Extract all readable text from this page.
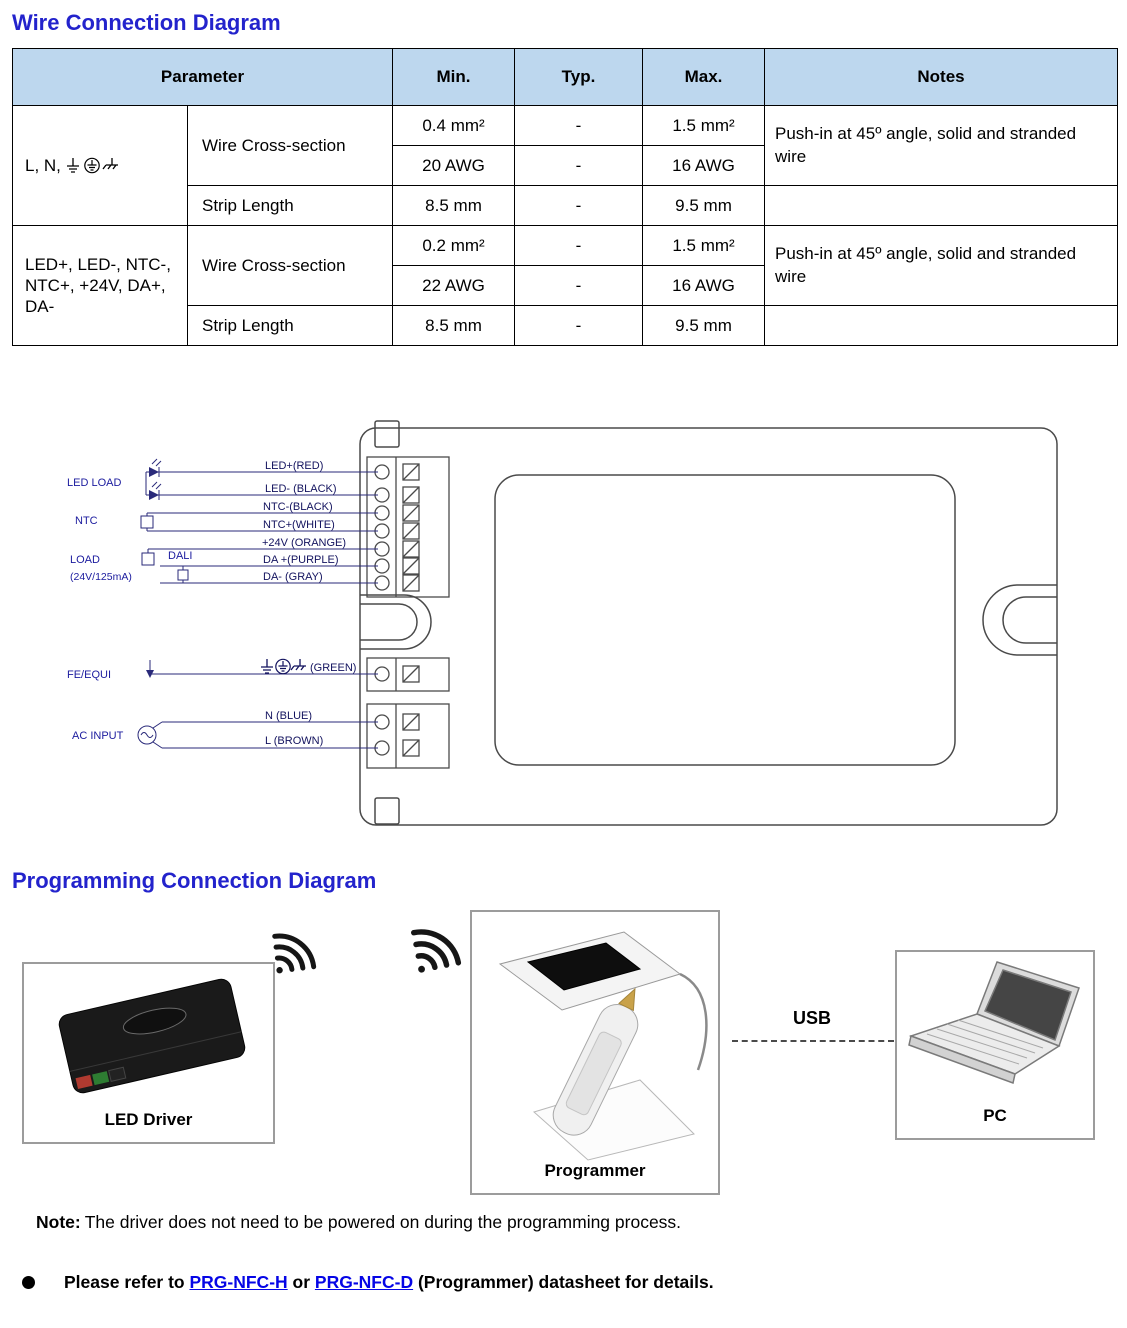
Wire Connection Diagram
Parameter		Min.	Typ.	Max.	Notes
L, N,	Wire Cross-section	0.4 mm²	-	1.5 mm²	Push-in at 45º angle, solid and stranded wire
		20 AWG	-	16 AWG	
	Strip Length	8.5 mm	-	9.5 mm	
LED+, LED-, NTC-, NTC+, +24V, DA+, DA-	Wire Cross-section	0.2 mm²	-	1.5 mm²	Push-in at 45º angle, solid and stranded wire
		22 AWG	-	16 AWG	
	Strip Length	8.5 mm	-	9.5 mm	
LED LOAD
NTC
LOAD
(24V/125mA)
DALI
FE/EQUI
AC INPUT
LED+(RED)
LED- (BLACK)
NTC-(BLACK)
NTC+(WHITE)
+24V (ORANGE)
DA +(PURPLE)
DA- (GRAY)
(GREEN)
N (BLUE)
L (BROWN)
Programming Connection Diagram
LED Driver
Programmer
USB
PC

Note: The driver does not need to be powered on during the programming process.

Please refer to PRG-NFC-H or PRG-NFC-D (Programmer) datasheet for details.
